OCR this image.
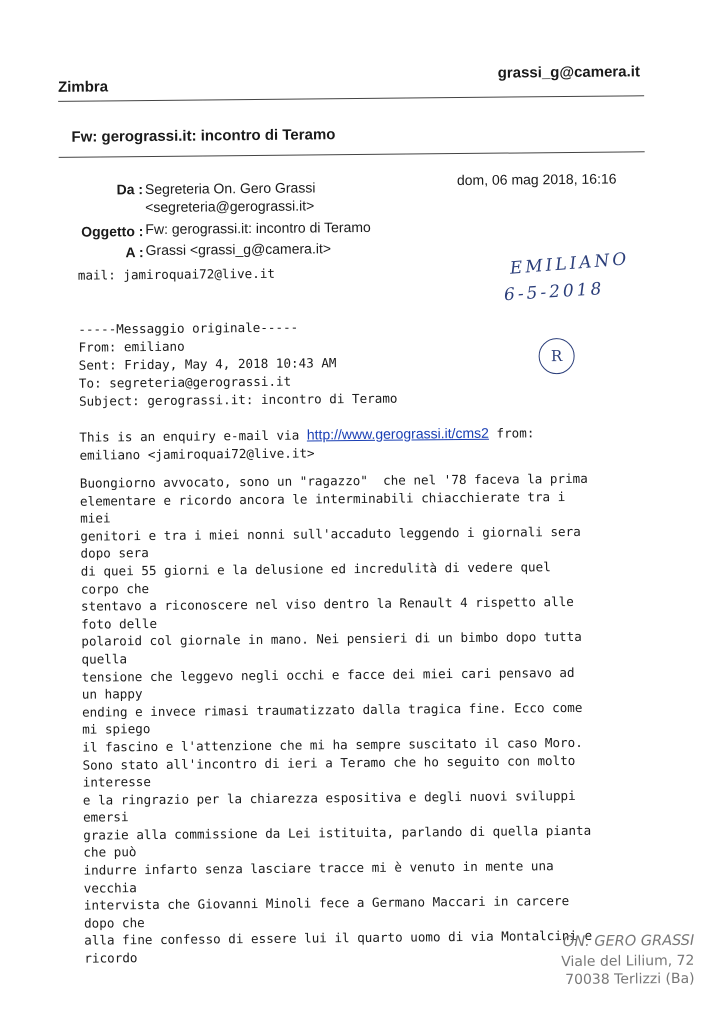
Zimbra
grassi_g@camera.it
Fw: gerograssi.it: incontro di Teramo
dom, 06 mag 2018, 16:16
Da : Segreteria On. Gero Grassi
<segreteria@gerograssi.it>
Oggetto : Fw: gerograssi.it: incontro di Teramo
A : Grassi <grassi_g@camera.it>
mail: jamiroquai72@live.it
-----Messaggio originale-----
From: emiliano
Sent: Friday, May 4, 2018 10:43 AM
To: segreteria@gerograssi.it
Subject: gerograssi.it: incontro di Teramo
This is an enquiry e-mail via http://www.gerograssi.it/cms2 from:
emiliano <jamiroquai72@live.it>
Buongiorno avvocato, sono un "ragazzo"  che nel '78 faceva la prima
elementare e ricordo ancora le interminabili chiacchierate tra i
miei
genitori e tra i miei nonni sull'accaduto leggendo i giornali sera
dopo sera
di quei 55 giorni e la delusione ed incredulità di vedere quel
corpo che
stentavo a riconoscere nel viso dentro la Renault 4 rispetto alle
foto delle
polaroid col giornale in mano. Nei pensieri di un bimbo dopo tutta
quella
tensione che leggevo negli occhi e facce dei miei cari pensavo ad
un happy
ending e invece rimasi traumatizzato dalla tragica fine. Ecco come
mi spiego
il fascino e l'attenzione che mi ha sempre suscitato il caso Moro.
Sono stato all'incontro di ieri a Teramo che ho seguito con molto
interesse
e la ringrazio per la chiarezza espositiva e degli nuovi sviluppi
emersi
grazie alla commissione da Lei istituita, parlando di quella pianta
che può
indurre infarto senza lasciare tracce mi è venuto in mente una
vecchia
intervista che Giovanni Minoli fece a Germano Maccari in carcere
dopo che
alla fine confesso di essere lui il quarto uomo di via Montalcini e
ricordo
EMILIANO
6-5-2018
R
ON. GERO GRASSI
Viale del Lilium, 72
70038 Terlizzi (Ba)
